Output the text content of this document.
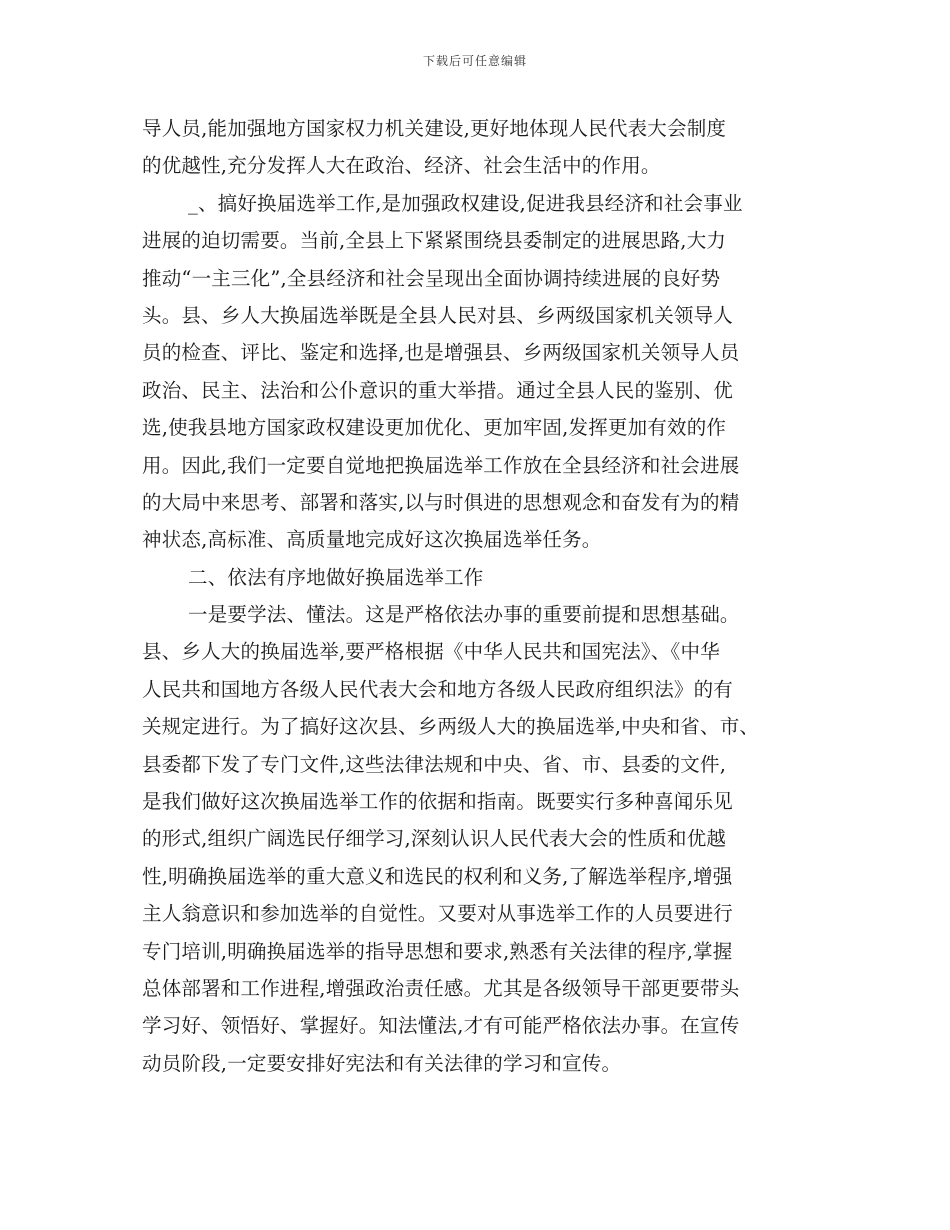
下载后可任意编辑
导人员,能加强地方国家权力机关建设,更好地体现人民代表大会制度
的优越性,充分发挥人大在政治、经济、社会生活中的作用。
_、搞好换届选举工作,是加强政权建设,促进我县经济和社会事业
进展的迫切需要。当前,全县上下紧紧围绕县委制定的进展思路,大力
推动“一主三化”,全县经济和社会呈现出全面协调持续进展的良好势
头。县、乡人大换届选举既是全县人民对县、乡两级国家机关领导人
员的检查、评比、鉴定和选择,也是增强县、乡两级国家机关领导人员
政治、民主、法治和公仆意识的重大举措。通过全县人民的鉴别、优
选,使我县地方国家政权建设更加优化、更加牢固,发挥更加有效的作
用。因此,我们一定要自觉地把换届选举工作放在全县经济和社会进展
的大局中来思考、部署和落实,以与时俱进的思想观念和奋发有为的精
神状态,高标准、高质量地完成好这次换届选举任务。
二、依法有序地做好换届选举工作
一是要学法、懂法。这是严格依法办事的重要前提和思想基础。
县、乡人大的换届选举,要严格根据《中华人民共和国宪法》、《中华
人民共和国地方各级人民代表大会和地方各级人民政府组织法》的有
关规定进行。为了搞好这次县、乡两级人大的换届选举,中央和省、市、
县委都下发了专门文件,这些法律法规和中央、省、市、县委的文件,
是我们做好这次换届选举工作的依据和指南。既要实行多种喜闻乐见
的形式,组织广阔选民仔细学习,深刻认识人民代表大会的性质和优越
性,明确换届选举的重大意义和选民的权利和义务,了解选举程序,增强
主人翁意识和参加选举的自觉性。又要对从事选举工作的人员要进行
专门培训,明确换届选举的指导思想和要求,熟悉有关法律的程序,掌握
总体部署和工作进程,增强政治责任感。尤其是各级领导干部更要带头
学习好、领悟好、掌握好。知法懂法,才有可能严格依法办事。在宣传
动员阶段,一定要安排好宪法和有关法律的学习和宣传。
